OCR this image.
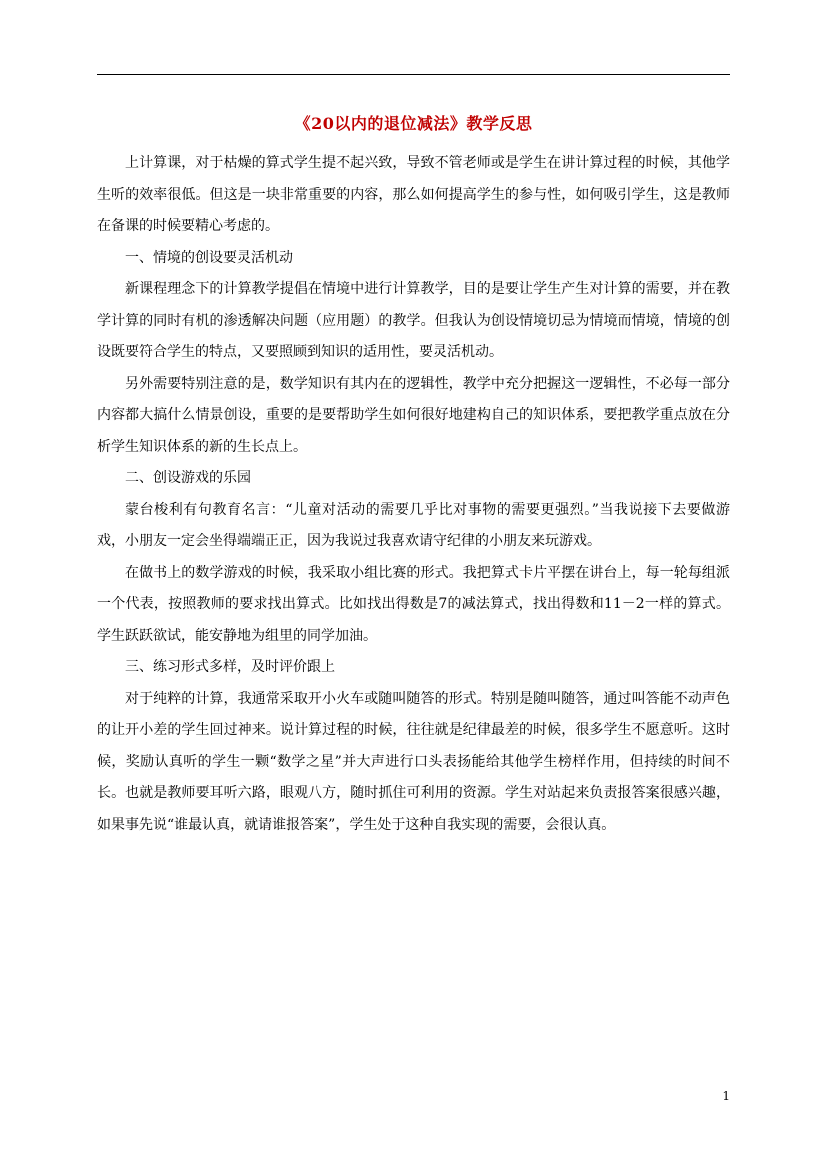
《20以内的退位减法》教学反思

上计算课，对于枯燥的算式学生提不起兴致，导致不管老师或是学生在讲计算过程的时候，其他学生听的效率很低。但这是一块非常重要的内容，那么如何提高学生的参与性，如何吸引学生，这是教师在备课的时候要精心考虑的。

一、情境的创设要灵活机动

新课程理念下的计算教学提倡在情境中进行计算教学，目的是要让学生产生对计算的需要，并在教学计算的同时有机的渗透解决问题（应用题）的教学。但我认为创设情境切忌为情境而情境，情境的创设既要符合学生的特点，又要照顾到知识的适用性，要灵活机动。

另外需要特别注意的是，数学知识有其内在的逻辑性，教学中充分把握这一逻辑性，不必每一部分内容都大搞什么情景创设，重要的是要帮助学生如何很好地建构自己的知识体系，要把教学重点放在分析学生知识体系的新的生长点上。

二、创设游戏的乐园

蒙台梭利有句教育名言：“儿童对活动的需要几乎比对事物的需要更强烈。”当我说接下去要做游戏，小朋友一定会坐得端端正正，因为我说过我喜欢请守纪律的小朋友来玩游戏。

在做书上的数学游戏的时候，我采取小组比赛的形式。我把算式卡片平摆在讲台上，每一轮每组派一个代表，按照教师的要求找出算式。比如找出得数是7的减法算式，找出得数和11－2一样的算式。学生跃跃欲试，能安静地为组里的同学加油。

三、练习形式多样，及时评价跟上

对于纯粹的计算，我通常采取开小火车或随叫随答的形式。特别是随叫随答，通过叫答能不动声色的让开小差的学生回过神来。说计算过程的时候，往往就是纪律最差的时候，很多学生不愿意听。这时候，奖励认真听的学生一颗“数学之星”并大声进行口头表扬能给其他学生榜样作用，但持续的时间不长。也就是教师要耳听六路，眼观八方，随时抓住可利用的资源。学生对站起来负责报答案很感兴趣，如果事先说“谁最认真，就请谁报答案”，学生处于这种自我实现的需要，会很认真。

1
